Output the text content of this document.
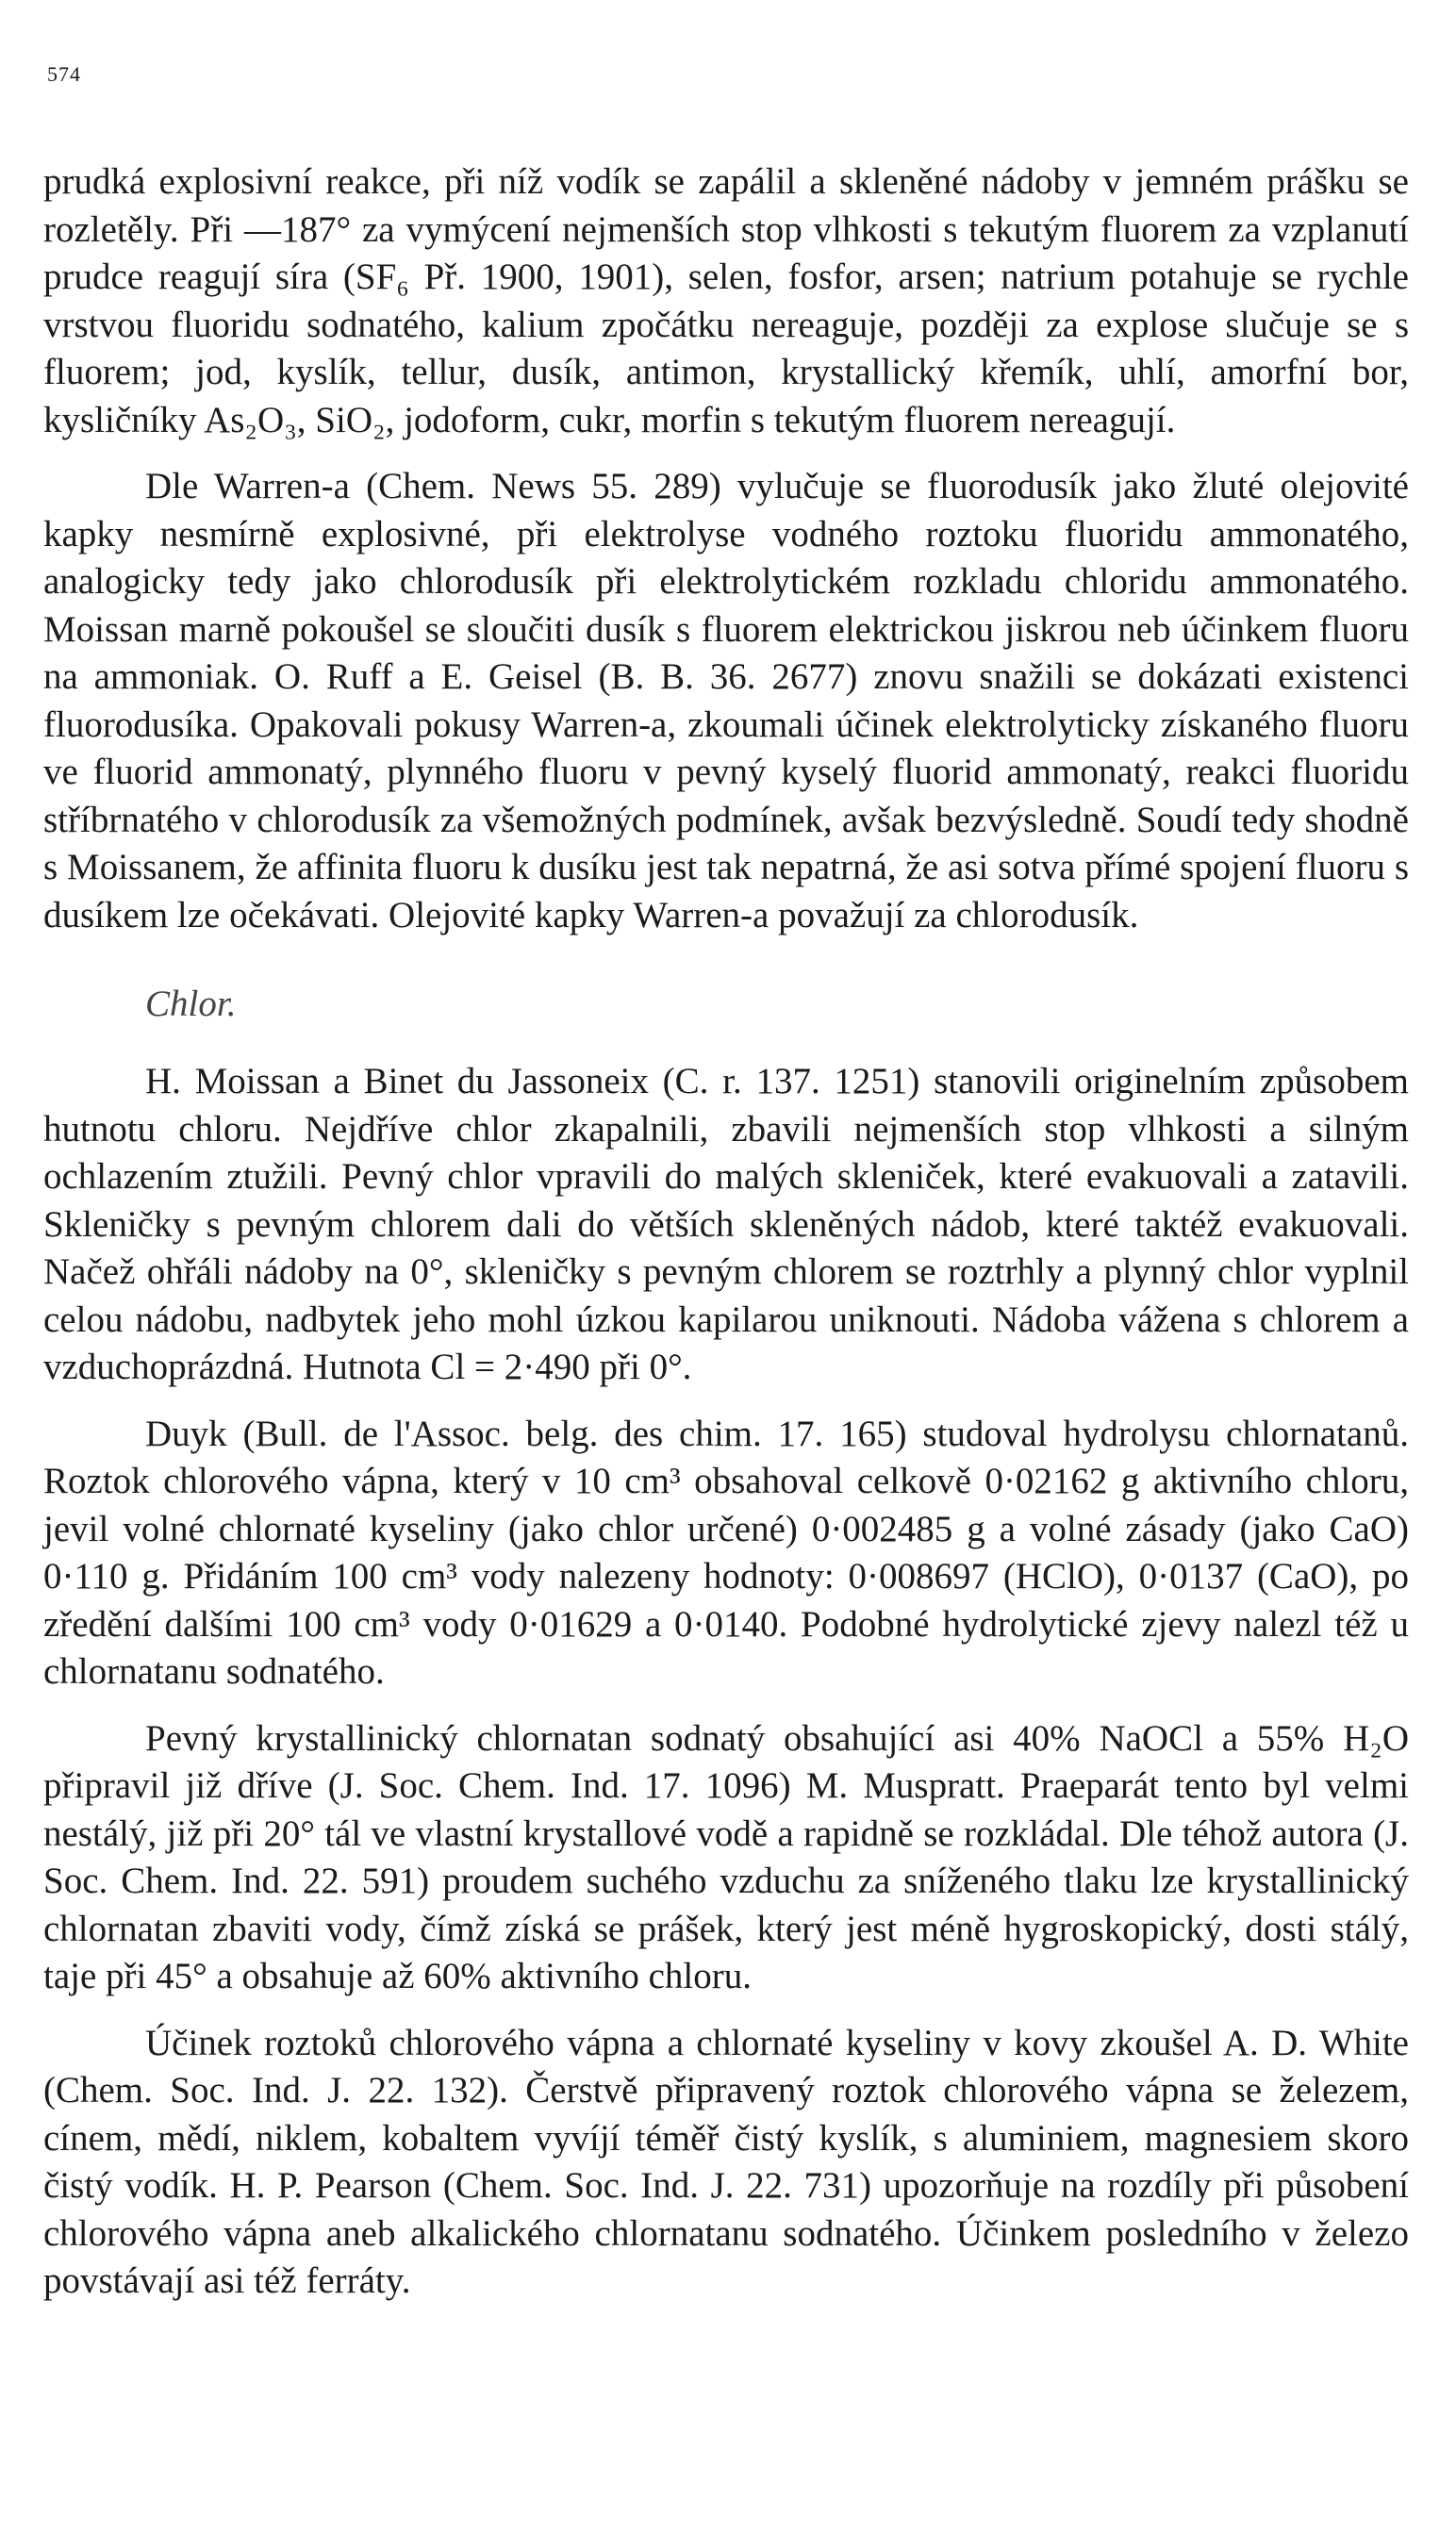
574

prudká explosivní reakce, při níž vodík se zapálil a skleněné nádoby v jemném prášku se rozletěly. Při —187° za vymýcení nejmenších stop vlhkosti s tekutým fluorem za vzplanutí prudce reagují síra (SF₆ Př. 1900, 1901), selen, fosfor, arsen; natrium potahuje se rychle vrstvou fluoridu sodnatého, kalium zpočátku nereaguje, později za explose slučuje se s fluorem; jod, kyslík, tellur, dusík, antimon, krystallický křemík, uhlí, amorfní bor, kysličníky As₂O₃, SiO₂, jodoform, cukr, morfin s tekutým fluorem nereagují.

Dle Warren-a (Chem. News 55. 289) vylučuje se fluorodusík jako žluté olejovité kapky nesmírně explosivné, při elektrolyse vodného roztoku fluoridu ammonatého, analogicky tedy jako chlorodusík při elektrolytickém rozkladu chloridu ammonatého. Moissan marně pokoušel se sloučiti dusík s fluorem elektrickou jiskrou neb účinkem fluoru na ammoniak. O. Ruff a E. Geisel (B. B. 36. 2677) znovu snažili se dokázati existenci fluorodusíka. Opakovali pokusy Warren-a, zkoumali účinek elektrolyticky získaného fluoru ve fluorid ammonatý, plynného fluoru v pevný kyselý fluorid ammonatý, reakci fluoridu stříbrnatého v chlorodusík za všemožných podmínek, avšak bezvýsledně. Soudí tedy shodně s Moissanem, že affinita fluoru k dusíku jest tak nepatrná, že asi sotva přímé spojení fluoru s dusíkem lze očekávati. Olejovité kapky Warren-a považují za chlorodusík.

Chlor.

H. Moissan a Binet du Jassoneix (C. r. 137. 1251) stanovili originelním způsobem hutnotu chloru. Nejdříve chlor zkapalnili, zbavili nejmenších stop vlhkosti a silným ochlazením ztužili. Pevný chlor vpravili do malých skleniček, které evakuovali a zatavili. Skleničky s pevným chlorem dali do větších skleněných nádob, které taktéž evakuovali. Načež ohřáli nádoby na 0°, skleničky s pevným chlorem se roztrhly a plynný chlor vyplnil celou nádobu, nadbytek jeho mohl úzkou kapilarou uniknouti. Nádoba vážena s chlorem a vzduchoprázdná. Hutnota Cl = 2·490 při 0°.

Duyk (Bull. de l'Assoc. belg. des chim. 17. 165) studoval hydrolysu chlornatanů. Roztok chlorového vápna, který v 10 cm³ obsahoval celkově 0·02162 g aktivního chloru, jevil volné chlornaté kyseliny (jako chlor určené) 0·002485 g a volné zásady (jako CaO) 0·110 g. Přidáním 100 cm³ vody nalezeny hodnoty: 0·008697 (HClO), 0·0137 (CaO), po zředění dalšími 100 cm³ vody 0·01629 a 0·0140. Podobné hydrolytické zjevy nalezl též u chlornatanu sodnatého.

Pevný krystallinický chlornatan sodnatý obsahující asi 40% NaOCl a 55% H₂O připravil již dříve (J. Soc. Chem. Ind. 17. 1096) M. Muspratt. Praeparát tento byl velmi nestálý, již při 20° tál ve vlastní krystallové vodě a rapidně se rozkládal. Dle téhož autora (J. Soc. Chem. Ind. 22. 591) proudem suchého vzduchu za sníženého tlaku lze krystallinický chlornatan zbaviti vody, čímž získá se prášek, který jest méně hygroskopický, dosti stálý, taje při 45° a obsahuje až 60% aktivního chloru.

Účinek roztoků chlorového vápna a chlornaté kyseliny v kovy zkoušel A. D. White (Chem. Soc. Ind. J. 22. 132). Čerstvě připravený roztok chlorového vápna se železem, cínem, mědí, niklem, kobaltem vyvíjí téměř čistý kyslík, s aluminiem, magnesiem skoro čistý vodík. H. P. Pearson (Chem. Soc. Ind. J. 22. 731) upozorňuje na rozdíly při působení chlorového vápna aneb alkalického chlornatanu sodnatého. Účinkem posledního v železo povstávají asi též ferráty.
